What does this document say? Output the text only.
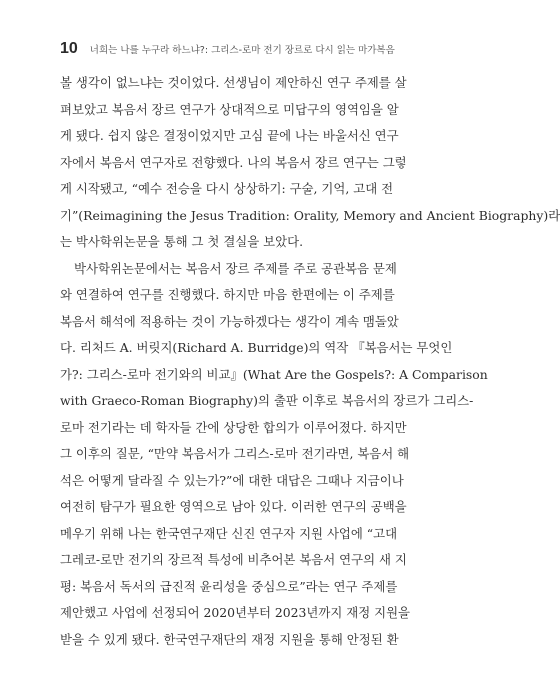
10 너희는 나를 누구라 하느냐?: 그리스-로마 전기 장르로 다시 읽는 마가복음
볼 생각이 없느냐는 것이었다. 선생님이 제안하신 연구 주제를 살
펴보았고 복음서 장르 연구가 상대적으로 미답구의 영역임을 알
게 됐다. 쉽지 않은 결정이었지만 고심 끝에 나는 바울서신 연구
자에서 복음서 연구자로 전향했다. 나의 복음서 장르 연구는 그렇
게 시작됐고, “예수 전승을 다시 상상하기: 구술, 기억, 고대 전
기”(Reimagining the Jesus Tradition: Orality, Memory and Ancient Biography)라
는 박사학위논문을 통해 그 첫 결실을 보았다.
박사학위논문에서는 복음서 장르 주제를 주로 공관복음 문제
와 연결하여 연구를 진행했다. 하지만 마음 한편에는 이 주제를
복음서 해석에 적용하는 것이 가능하겠다는 생각이 계속 맴돌았
다. 리처드 A. 버릿지(Richard A. Burridge)의 역작 『복음서는 무엇인
가?: 그리스-로마 전기와의 비교』(What Are the Gospels?: A Comparison
with Graeco-Roman Biography)의 출판 이후로 복음서의 장르가 그리스-
로마 전기라는 데 학자들 간에 상당한 합의가 이루어졌다. 하지만
그 이후의 질문, “만약 복음서가 그리스-로마 전기라면, 복음서 해
석은 어떻게 달라질 수 있는가?”에 대한 대답은 그때나 지금이나
여전히 탐구가 필요한 영역으로 남아 있다. 이러한 연구의 공백을
메우기 위해 나는 한국연구재단 신진 연구자 지원 사업에 “고대
그레코-로만 전기의 장르적 특성에 비추어본 복음서 연구의 새 지
평: 복음서 독서의 급진적 윤리성을 중심으로”라는 연구 주제를
제안했고 사업에 선정되어 2020년부터 2023년까지 재정 지원을
받을 수 있게 됐다. 한국연구재단의 재정 지원을 통해 안정된 환
